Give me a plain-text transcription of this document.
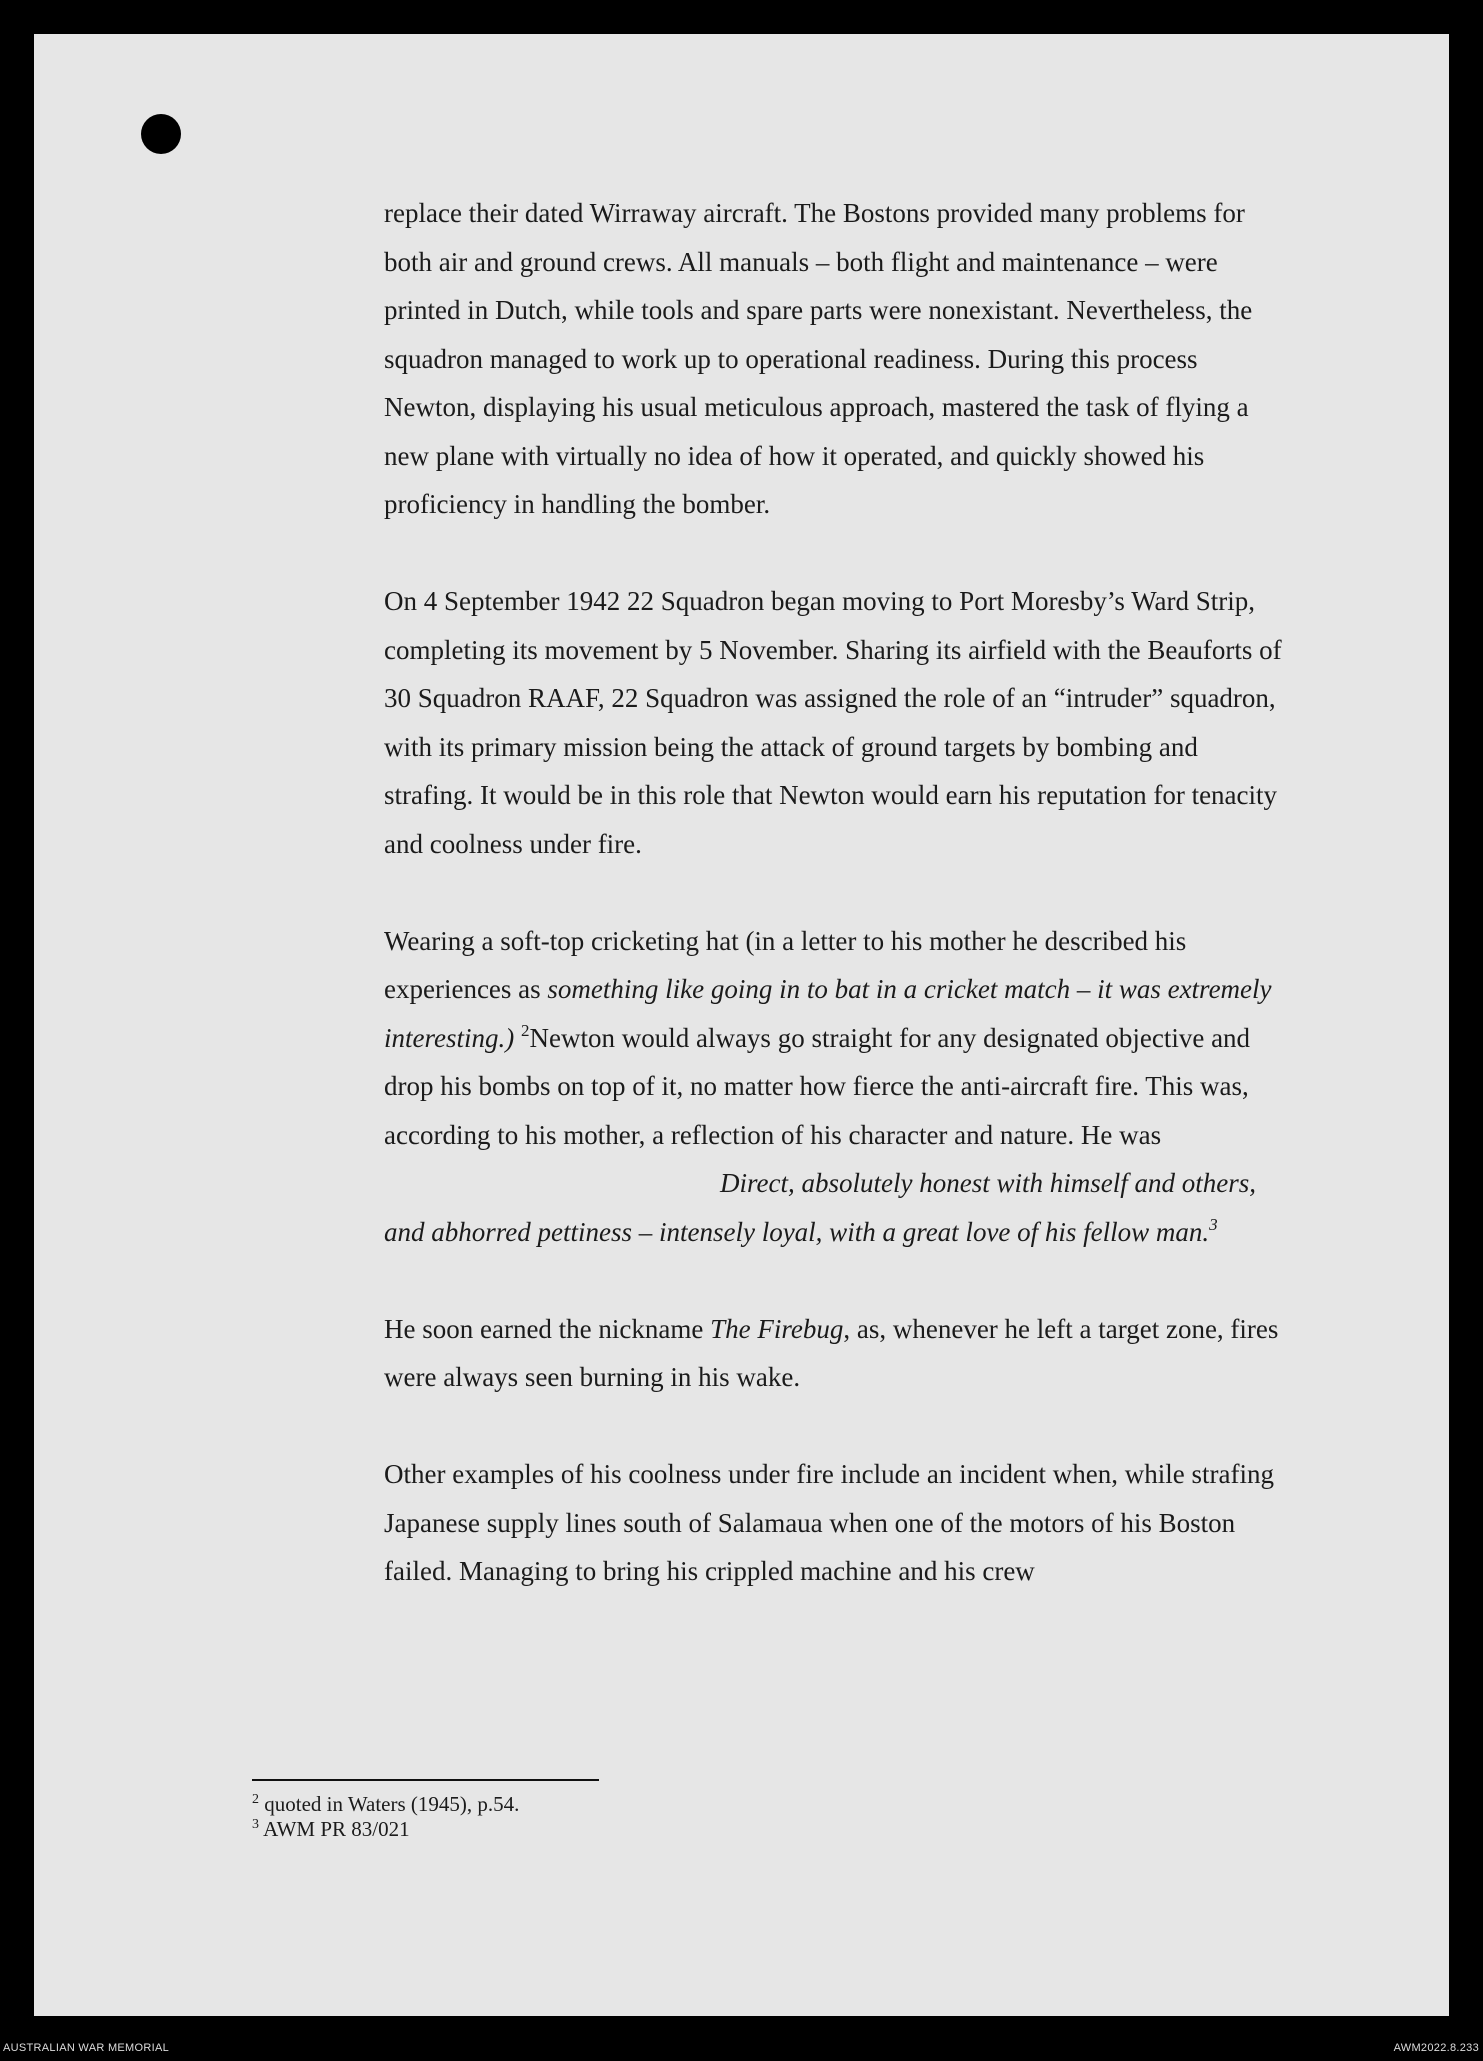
replace their dated Wirraway aircraft. The Bostons provided many problems for both air and ground crews. All manuals – both flight and maintenance – were printed in Dutch, while tools and spare parts were nonexistant. Nevertheless, the squadron managed to work up to operational readiness. During this process Newton, displaying his usual meticulous approach, mastered the task of flying a new plane with virtually no idea of how it operated, and quickly showed his proficiency in handling the bomber.

On 4 September 1942 22 Squadron began moving to Port Moresby’s Ward Strip, completing its movement by 5 November. Sharing its airfield with the Beauforts of 30 Squadron RAAF, 22 Squadron was assigned the role of an “intruder” squadron, with its primary mission being the attack of ground targets by bombing and strafing. It would be in this role that Newton would earn his reputation for tenacity and coolness under fire.

Wearing a soft-top cricketing hat (in a letter to his mother he described his experiences as something like going in to bat in a cricket match – it was extremely interesting.) $^2$Newton would always go straight for any designated objective and drop his bombs on top of it, no matter how fierce the anti-aircraft fire. This was, according to his mother, a reflection of his character and nature. He was

Direct, absolutely honest with himself and others, and abhorred pettiness – intensely loyal, with a great love of his fellow man.$^3$

He soon earned the nickname The Firebug, as, whenever he left a target zone, fires were always seen burning in his wake.

Other examples of his coolness under fire include an incident when, while strafing Japanese supply lines south of Salamaua when one of the motors of his Boston failed. Managing to bring his crippled machine and his crew

$^2$ quoted in Waters (1945), p.54.
$^3$ AWM PR 83/021
AUSTRALIAN WAR MEMORIAL	AWM2022.8.233
